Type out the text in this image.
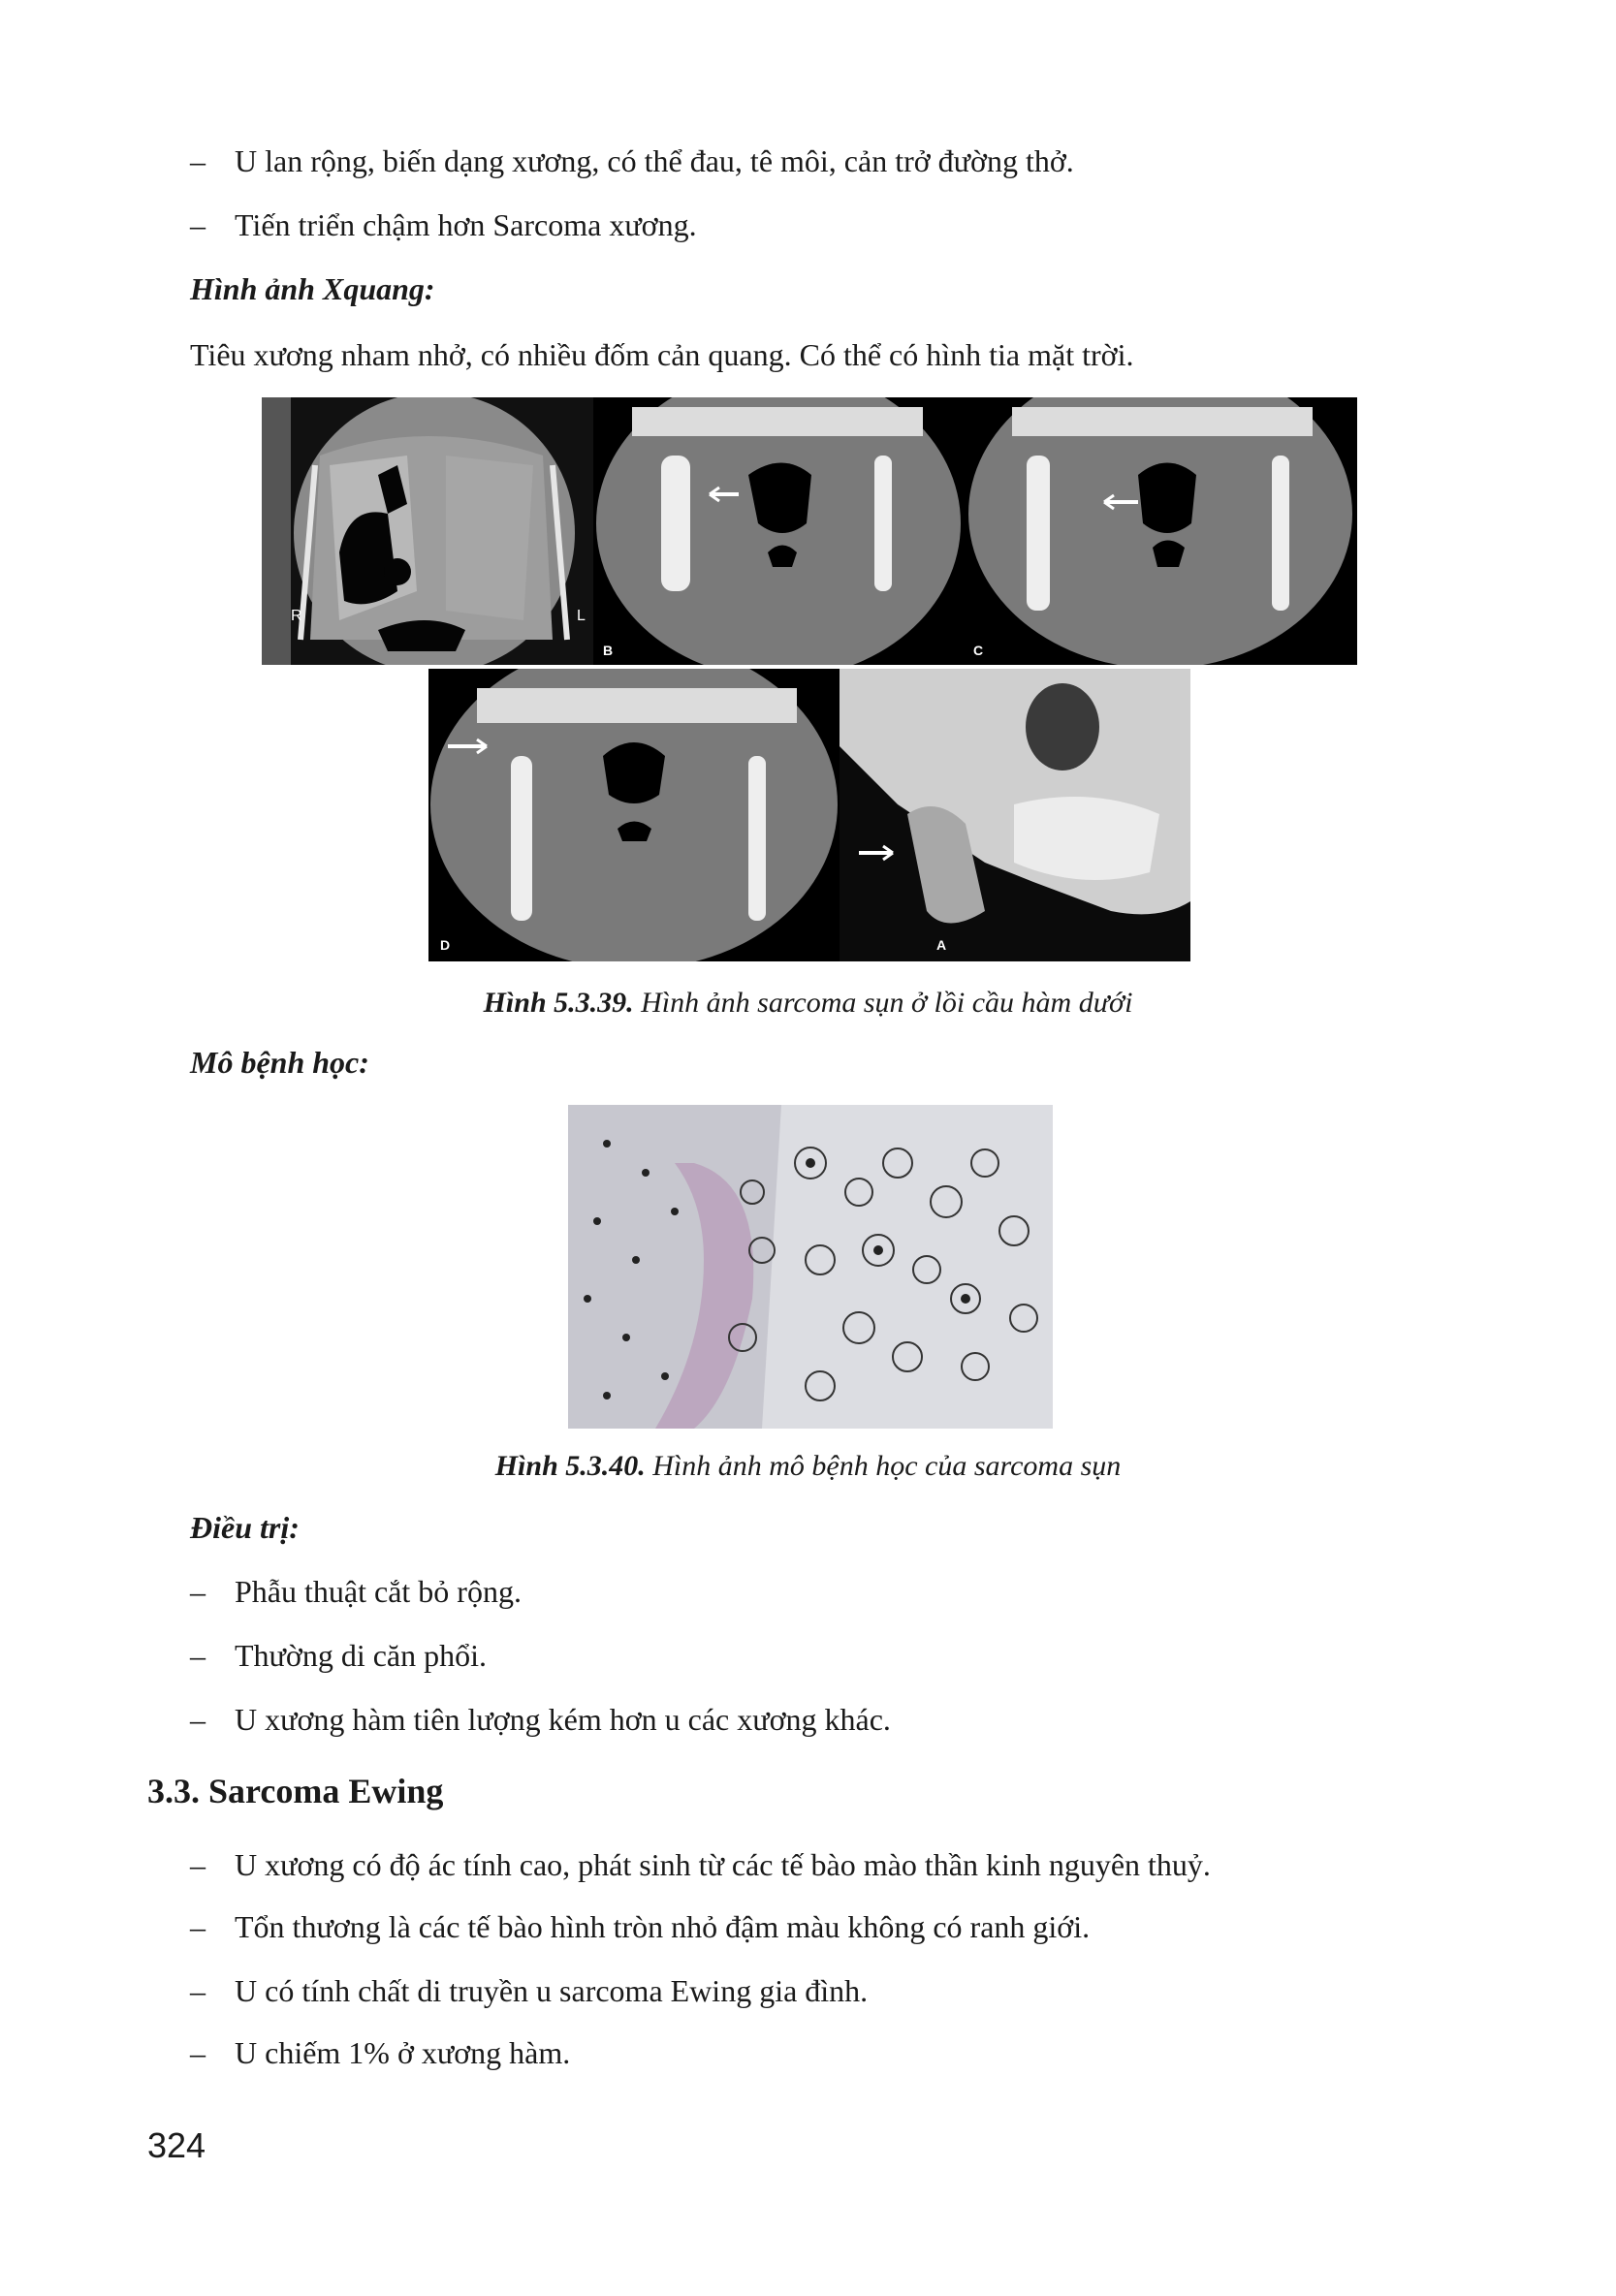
– U lan rộng, biến dạng xương, có thể đau, tê môi, cản trở đường thở.
– Tiến triển chậm hơn Sarcoma xương.
Hình ảnh Xquang:
Tiêu xương nham nhở, có nhiều đốm cản quang. Có thể có hình tia mặt trời.
R	L
B	C
D	A
Hình 5.3.39. Hình ảnh sarcoma sụn ở lồi cầu hàm dưới
Mô bệnh học:
Hình 5.3.40. Hình ảnh mô bệnh học của sarcoma sụn
Điều trị:
– Phẫu thuật cắt bỏ rộng.
– Thường di căn phổi.
– U xương hàm tiên lượng kém hơn u các xương khác.
3.3. Sarcoma Ewing
– U xương có độ ác tính cao, phát sinh từ các tế bào mào thần kinh nguyên thuỷ.
– Tổn thương là các tế bào hình tròn nhỏ đậm màu không có ranh giới.
– U có tính chất di truyền u sarcoma Ewing gia đình.
– U chiếm 1% ở xương hàm.
324
